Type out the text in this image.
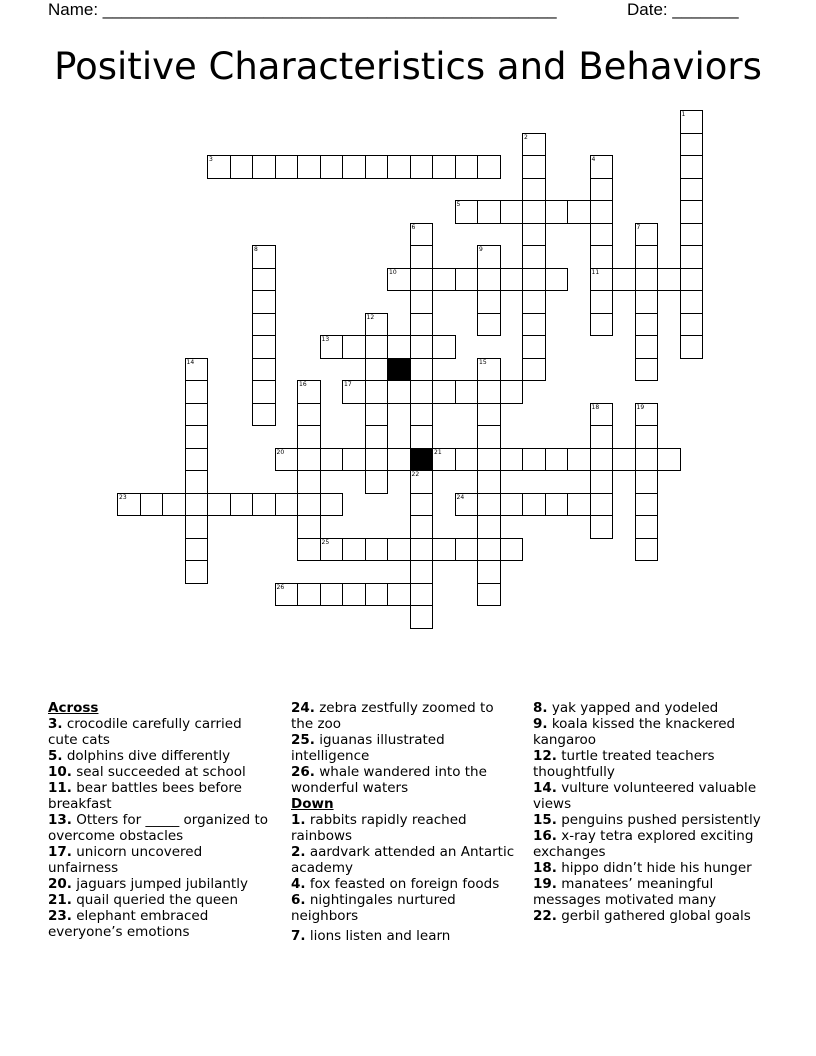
Name: ________________________________________________	Date: _______
Positive Characteristics and Behaviors
1
2
3	4
11
5
6
22
7
8	9
10
12
13
14	15
16	17
18	19
20	21
23	24
25
26

Across

3. crocodile carefully carried cute cats

5. dolphins dive differently

10. seal succeeded at school

11. bear battles bees before breakfast

13. Otters for _____ organized to overcome obstacles

17. unicorn uncovered unfairness

20. jaguars jumped jubilantly

21. quail queried the queen

23. elephant embraced everyone’s emotions

24. zebra zestfully zoomed to the zoo

25. iguanas illustrated intelligence

26. whale wandered into the wonderful waters

Down

1. rabbits rapidly reached rainbows

2. aardvark attended an Antartic academy

4. fox feasted on foreign foods

6. nightingales nurtured neighbors

7. lions listen and learn

8. yak yapped and yodeled

9. koala kissed the knackered kangaroo

12. turtle treated teachers thoughtfully

14. vulture volunteered valuable views

15. penguins pushed persistently

16. x-ray tetra explored exciting exchanges

18. hippo didn’t hide his hunger

19. manatees’ meaningful messages motivated many

22. gerbil gathered global goals
